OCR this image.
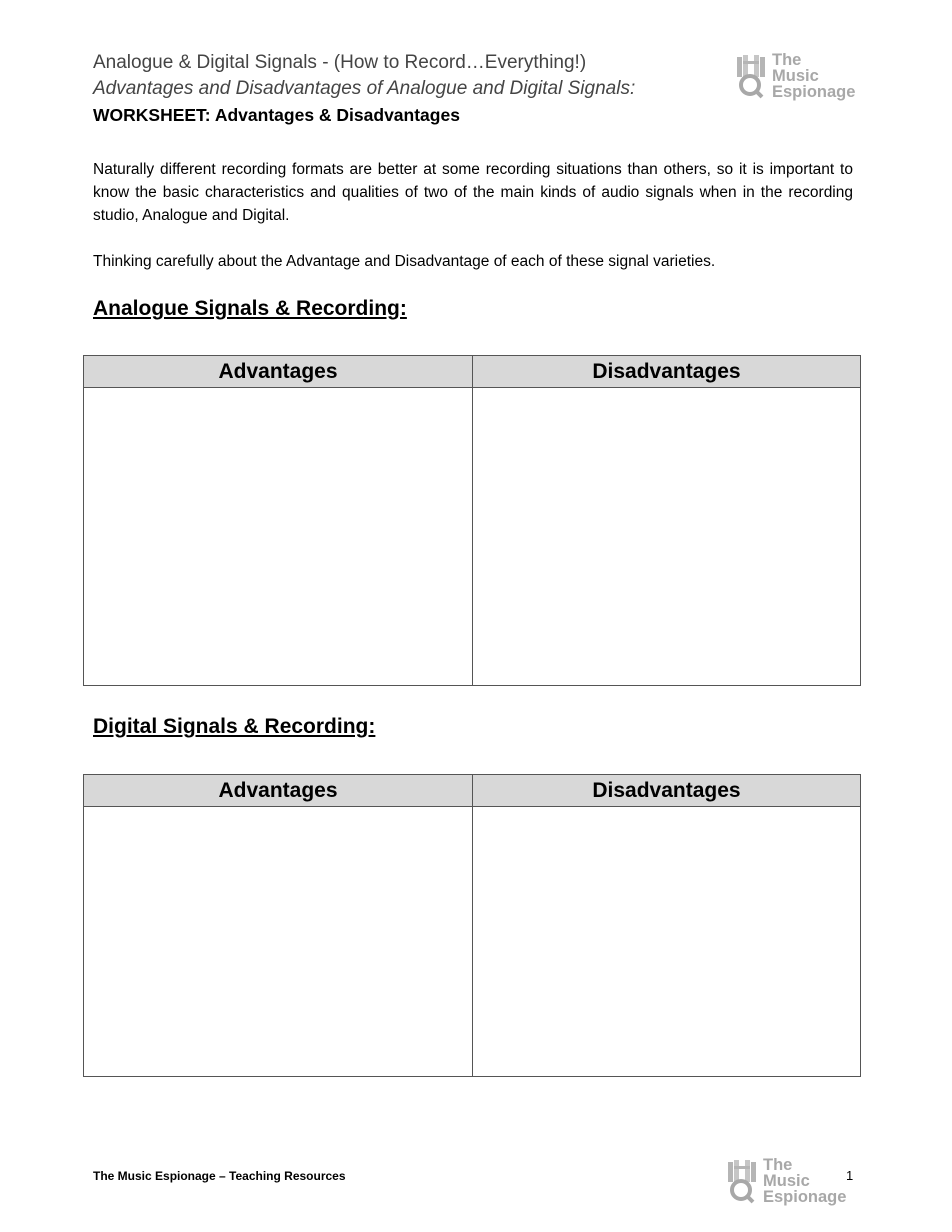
Analogue & Digital Signals - (How to Record…Everything!)
Advantages and Disadvantages of Analogue and Digital Signals:
WORKSHEET: Advantages & Disadvantages
The
Music
Espionage
Naturally different recording formats are better at some recording situations than others, so it is important to know the basic characteristics and qualities of two of the main kinds of audio signals when in the recording studio, Analogue and Digital.
Thinking carefully about the Advantage and Disadvantage of each of these signal varieties.
Analogue Signals & Recording:
Advantages	Disadvantages
Digital Signals & Recording:
Advantages	Disadvantages
The Music Espionage – Teaching Resources
The
Music
Espionage
1
